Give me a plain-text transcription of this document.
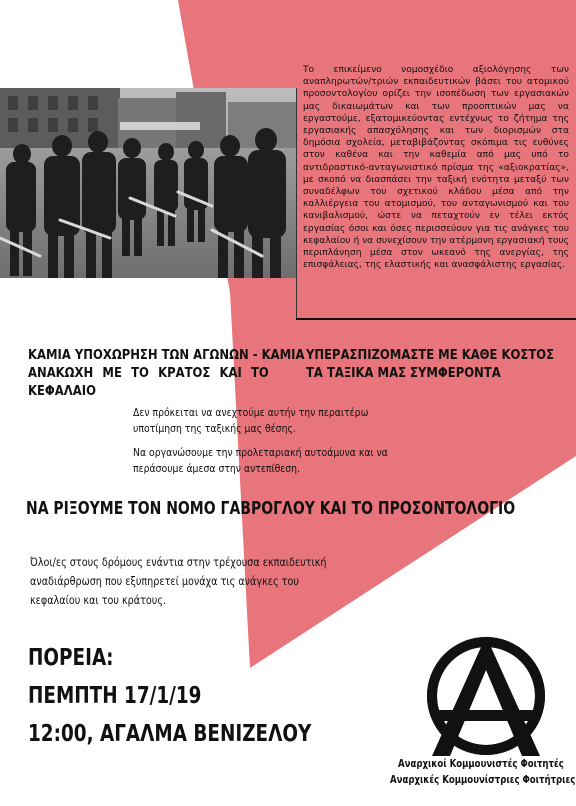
Το επικείμενο νομοσχέδιο αξιολόγησης των αναπληρωτών/τριών εκπαιδευτικών βάσει του ατομικού προσοντολογίου ορίζει την ισοπέδωση των εργασιακών μας δικαιωμάτων και των προοπτικών μας να εργαστούμε, εξατομικεύοντας εντέχνως το ζήτημα της εργασιακής απασχόλησης και των διορισμών στα δημόσια σχολεία, μεταβιβάζοντας σκόπιμα τις ευθύνες στον καθένα και την καθεμία από μας υπό το αντιδραστικό-ανταγωνιστικό πρίσμα της «αξιοκρατίας», με σκοπό να διασπάσει την ταξική ενότητα μεταξύ των συναδέλφων του σχετικού κλάδου μέσα από την καλλιέργεια του ατομισμού, του ανταγωνισμού και του κανιβαλισμού, ώστε να πεταχτούν εν τέλει εκτός εργασίας όσοι και όσες περισσεύουν για τις ανάγκες του κεφαλαίου ή να συνεχίσουν την ατέρμονη εργασιακή τους περιπλάνηση μέσα στον ωκεανό της ανεργίας, της επισφάλειας, της ελαστικής και ανασφάλιστης εργασίας.

ΚΑΜΙΑ ΥΠΟΧΩΡΗΣΗ ΤΩΝ ΑΓΩΝΩΝ - ΚΑΜΙΑ
ΑΝΑΚΩΧΗ ΜΕ ΤΟ ΚΡΑΤΟΣ ΚΑΙ ΤΟ
ΚΕΦΑΛΑΙΟ
ΥΠΕΡΑΣΠΙΖΟΜΑΣΤΕ ΜΕ ΚΑΘΕ ΚΟΣΤΟΣ
ΤΑ ΤΑΞΙΚΑ ΜΑΣ ΣΥΜΦΕΡΟΝΤΑ
Δεν πρόκειται να ανεχτούμε αυτήν την περαιτέρω
υποτίμηση της ταξικής μας θέσης.
Να οργανώσουμε την προλεταριακή αυτοάμυνα και να
περάσουμε άμεσα στην αντεπίθεση.
ΝΑ ΡΙΞΟΥΜΕ ΤΟΝ ΝΟΜΟ ΓΑΒΡΟΓΛΟΥ ΚΑΙ ΤΟ ΠΡΟΣΟΝΤΟΛΟΓΙΟ
Όλοι/ες στους δρόμους ενάντια στην τρέχουσα εκπαιδευτική
αναδιάρθρωση που εξυπηρετεί μονάχα τις ανάγκες του
κεφαλαίου και του κράτους.
ΠΟΡΕΙΑ:
ΠΕΜΠΤΗ 17/1/19
12:00, ΑΓΑΛΜΑ ΒΕΝΙΖΕΛΟΥ
Αναρχικοί Κομμουνιστές Φοιτητές
Αναρχικές Κομμουνίστριες Φοιτήτριες
